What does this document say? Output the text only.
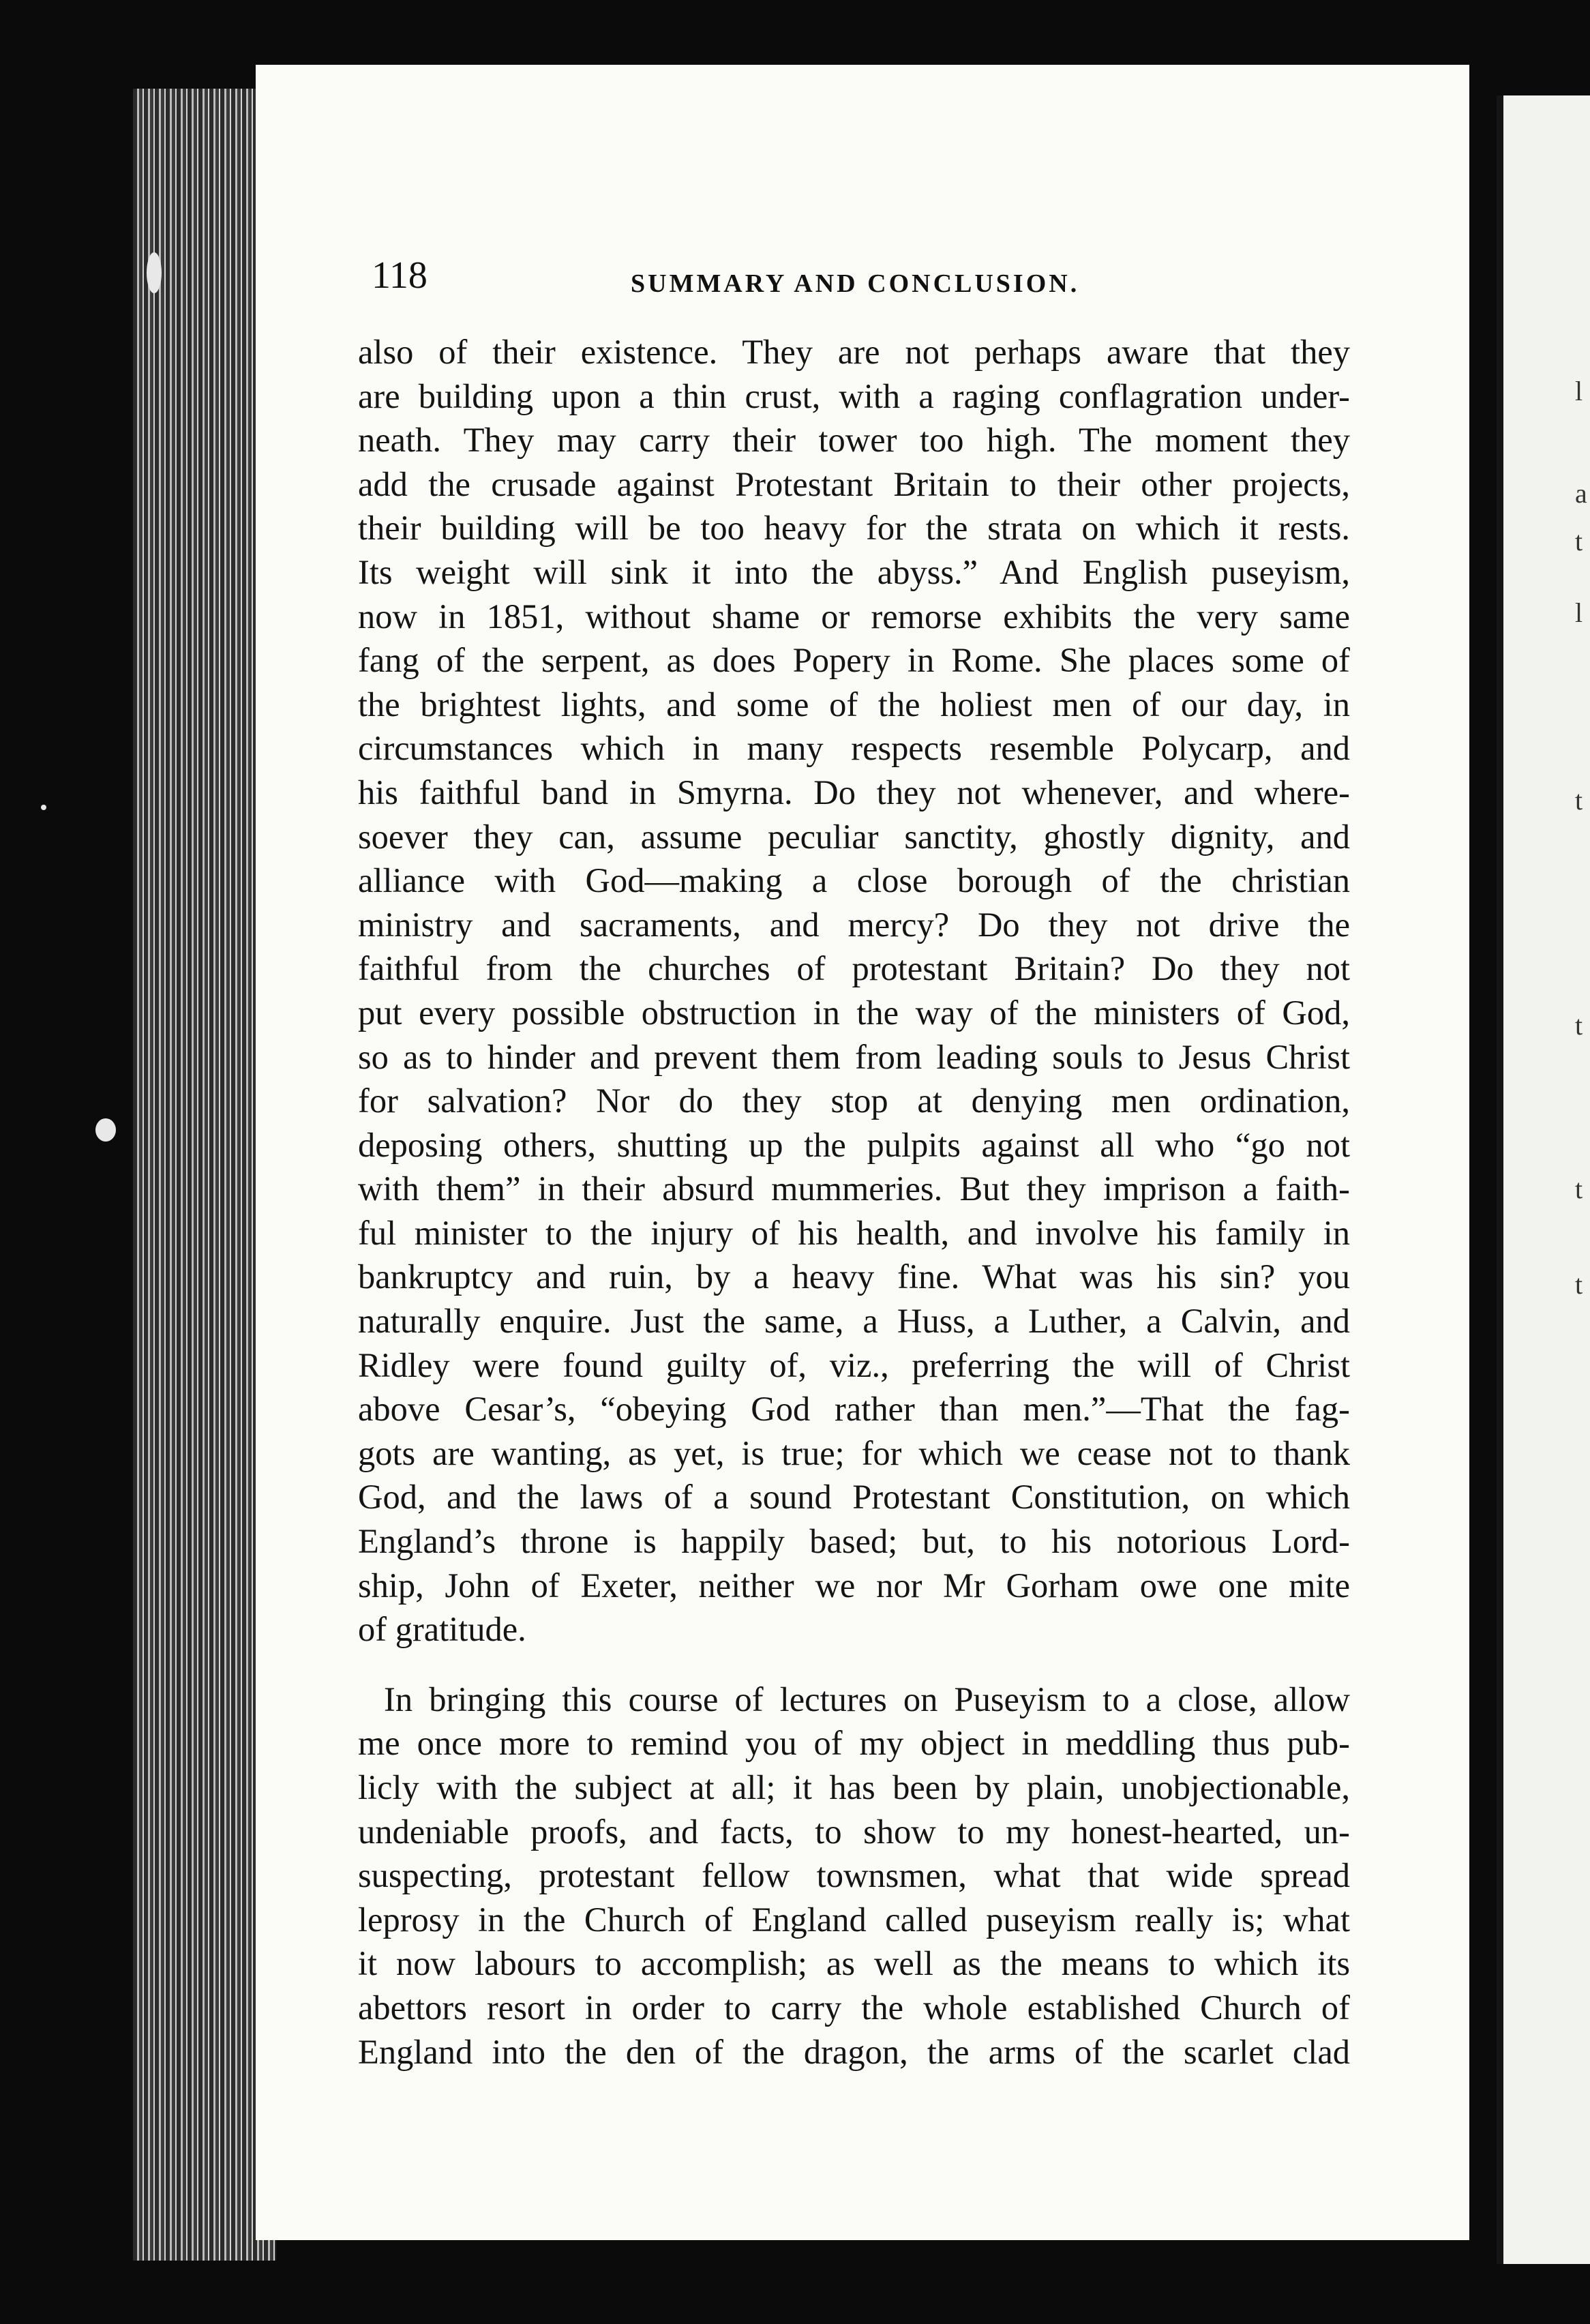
l
a
t
l
t
t
t
t
118	SUMMARY AND CONCLUSION.
also of their existence. They are not perhaps aware that they
are building upon a thin crust, with a raging conflagration under-
neath. They may carry their tower too high. The moment they
add the crusade against Protestant Britain to their other projects,
their building will be too heavy for the strata on which it rests.
Its weight will sink it into the abyss.” And English puseyism,
now in 1851, without shame or remorse exhibits the very same
fang of the serpent, as does Popery in Rome. She places some of
the brightest lights, and some of the holiest men of our day, in
circumstances which in many respects resemble Polycarp, and
his faithful band in Smyrna. Do they not whenever, and where-
soever they can, assume peculiar sanctity, ghostly dignity, and
alliance with God—making a close borough of the christian
ministry and sacraments, and mercy? Do they not drive the
faithful from the churches of protestant Britain? Do they not
put every possible obstruction in the way of the ministers of God,
so as to hinder and prevent them from leading souls to Jesus Christ
for salvation? Nor do they stop at denying men ordination,
deposing others, shutting up the pulpits against all who “go not
with them” in their absurd mummeries. But they imprison a faith-
ful minister to the injury of his health, and involve his family in
bankruptcy and ruin, by a heavy fine. What was his sin? you
naturally enquire. Just the same, a Huss, a Luther, a Calvin, and
Ridley were found guilty of, viz., preferring the will of Christ
above Cesar’s, “obeying God rather than men.”—That the fag-
gots are wanting, as yet, is true; for which we cease not to thank
God, and the laws of a sound Protestant Constitution, on which
England’s throne is happily based; but, to his notorious Lord-
ship, John of Exeter, neither we nor Mr Gorham owe one mite
of gratitude.
In bringing this course of lectures on Puseyism to a close, allow
me once more to remind you of my object in meddling thus pub-
licly with the subject at all; it has been by plain, unobjectionable,
undeniable proofs, and facts, to show to my honest-hearted, un-
suspecting, protestant fellow townsmen, what that wide spread
leprosy in the Church of England called puseyism really is; what
it now labours to accomplish; as well as the means to which its
abettors resort in order to carry the whole established Church of
England into the den of the dragon, the arms of the scarlet clad
